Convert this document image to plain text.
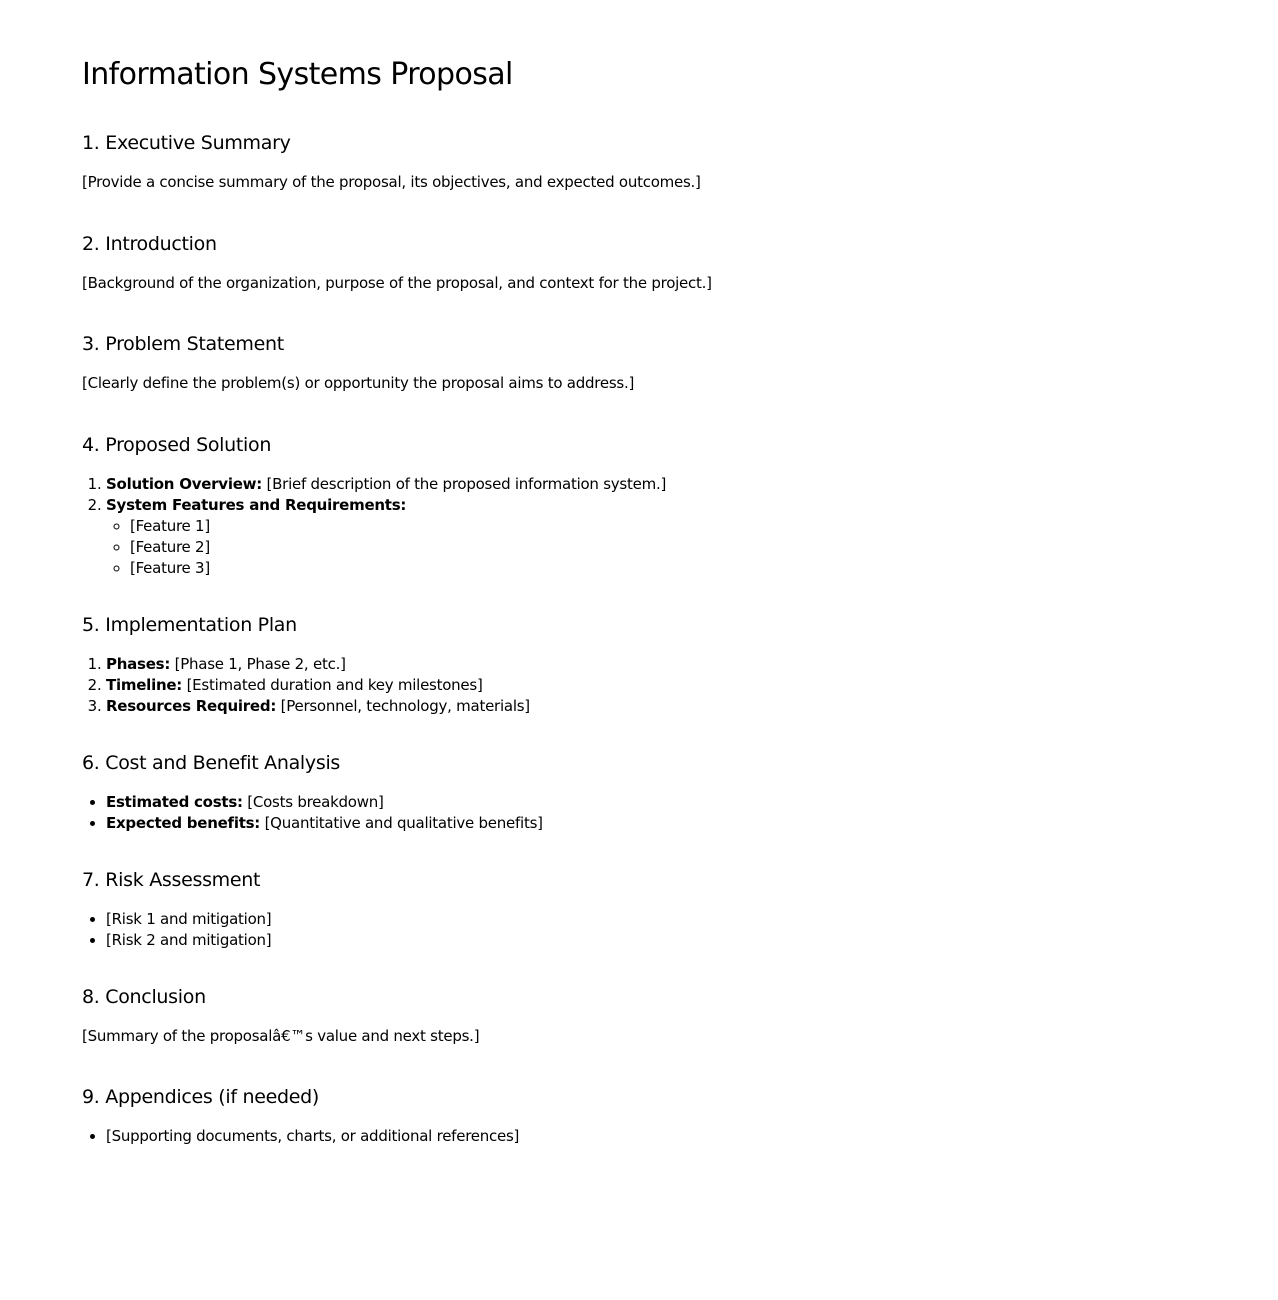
Information Systems Proposal
1. Executive Summary

[Provide a concise summary of the proposal, its objectives, and expected outcomes.]

2. Introduction

[Background of the organization, purpose of the proposal, and context for the project.]

3. Problem Statement

[Clearly define the problem(s) or opportunity the proposal aims to address.]

4. Proposed Solution
1. Solution Overview: [Brief description of the proposed information system.]
2. System Features and Requirements:
◦ [Feature 1]
◦ [Feature 2]
◦ [Feature 3]
5. Implementation Plan
1. Phases: [Phase 1, Phase 2, etc.]
2. Timeline: [Estimated duration and key milestones]
3. Resources Required: [Personnel, technology, materials]
6. Cost and Benefit Analysis
• Estimated costs: [Costs breakdown]
• Expected benefits: [Quantitative and qualitative benefits]
7. Risk Assessment
• [Risk 1 and mitigation]
• [Risk 2 and mitigation]
8. Conclusion

[Summary of the proposalâ€™s value and next steps.]

9. Appendices (if needed)
• [Supporting documents, charts, or additional references]
